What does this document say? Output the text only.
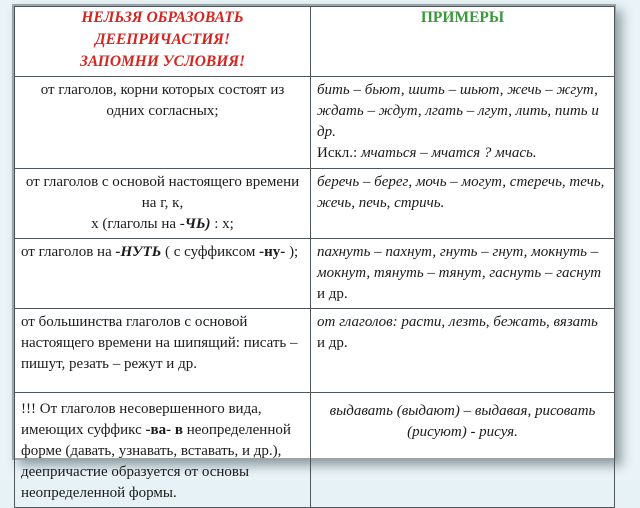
НЕЛЬЗЯ ОБРАЗОВАТЬ ДЕЕПРИЧАСТИЯ!
ЗАПОМНИ УСЛОВИЯ!	ПРИМЕРЫ
от глаголов, корни которых состоят из одних согласных;	бить – бьют, шить – шьют, жечь – жгут,
ждать – ждут, лгать – лгут, лить, пить и др.
Искл.: мчаться – мчатся ? мчась.

от глаголов с основой настоящего времени на г, к,
х (глаголы на -ЧЬ) : х;	беречь – берег, мочь – могут, стеречь, течь, жечь, печь, стричь.
от глаголов на -НУТЬ ( с суффиксом -ну- );	пахнуть – пахнут, гнуть – гнут, мокнуть –
мокнут, тянуть – тянут, гаснуть – гаснут и др.

от большинства глаголов с основой настоящего времени на шипящий: писать – пишут, резать – режут и др.	от глаголов: расти, лезть, бежать, вязать и др.
!!! От глаголов несовершенного вида, имеющих суффикс -ва- в неопределенной форме (давать, узнавать, вставать, и др.), деепричастие образуется от основы неопределенной формы.	выдавать (выдают) – выдавая, рисовать (рисуют) - рисуя.
